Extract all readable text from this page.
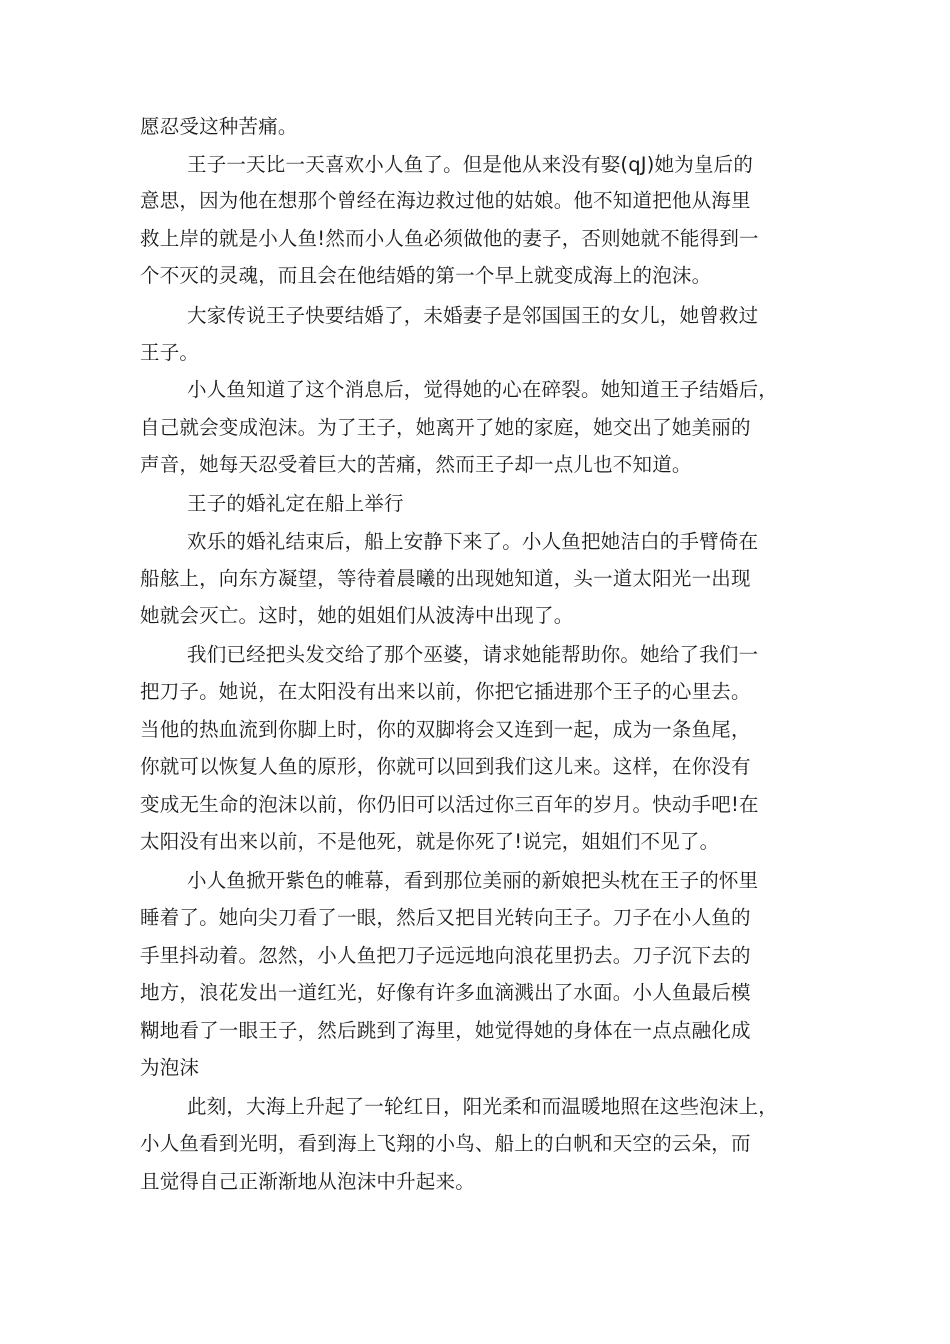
愿忍受这种苦痛。
王子一天比一天喜欢小人鱼了。但是他从来没有娶(qJ)她为皇后的
意思，因为他在想那个曾经在海边救过他的姑娘。他不知道把他从海里
救上岸的就是小人鱼!然而小人鱼必须做他的妻子，否则她就不能得到一
个不灭的灵魂，而且会在他结婚的第一个早上就变成海上的泡沫。
大家传说王子快要结婚了，未婚妻子是邻国国王的女儿，她曾救过
王子。
小人鱼知道了这个消息后，觉得她的心在碎裂。她知道王子结婚后，
自己就会变成泡沫。为了王子，她离开了她的家庭，她交出了她美丽的
声音，她每天忍受着巨大的苦痛，然而王子却一点儿也不知道。
王子的婚礼定在船上举行
欢乐的婚礼结束后，船上安静下来了。小人鱼把她洁白的手臂倚在
船舷上，向东方凝望，等待着晨曦的出现她知道，头一道太阳光一出现
她就会灭亡。这时，她的姐姐们从波涛中出现了。
我们已经把头发交给了那个巫婆，请求她能帮助你。她给了我们一
把刀子。她说，在太阳没有出来以前，你把它插进那个王子的心里去。
当他的热血流到你脚上时，你的双脚将会又连到一起，成为一条鱼尾，
你就可以恢复人鱼的原形，你就可以回到我们这儿来。这样，在你没有
变成无生命的泡沫以前，你仍旧可以活过你三百年的岁月。快动手吧!在
太阳没有出来以前，不是他死，就是你死了!说完，姐姐们不见了。
小人鱼掀开紫色的帷幕，看到那位美丽的新娘把头枕在王子的怀里
睡着了。她向尖刀看了一眼，然后又把目光转向王子。刀子在小人鱼的
手里抖动着。忽然，小人鱼把刀子远远地向浪花里扔去。刀子沉下去的
地方，浪花发出一道红光，好像有许多血滴溅出了水面。小人鱼最后模
糊地看了一眼王子，然后跳到了海里，她觉得她的身体在一点点融化成
为泡沫
此刻，大海上升起了一轮红日，阳光柔和而温暖地照在这些泡沫上，
小人鱼看到光明，看到海上飞翔的小鸟、船上的白帆和天空的云朵，而
且觉得自己正渐渐地从泡沫中升起来。
